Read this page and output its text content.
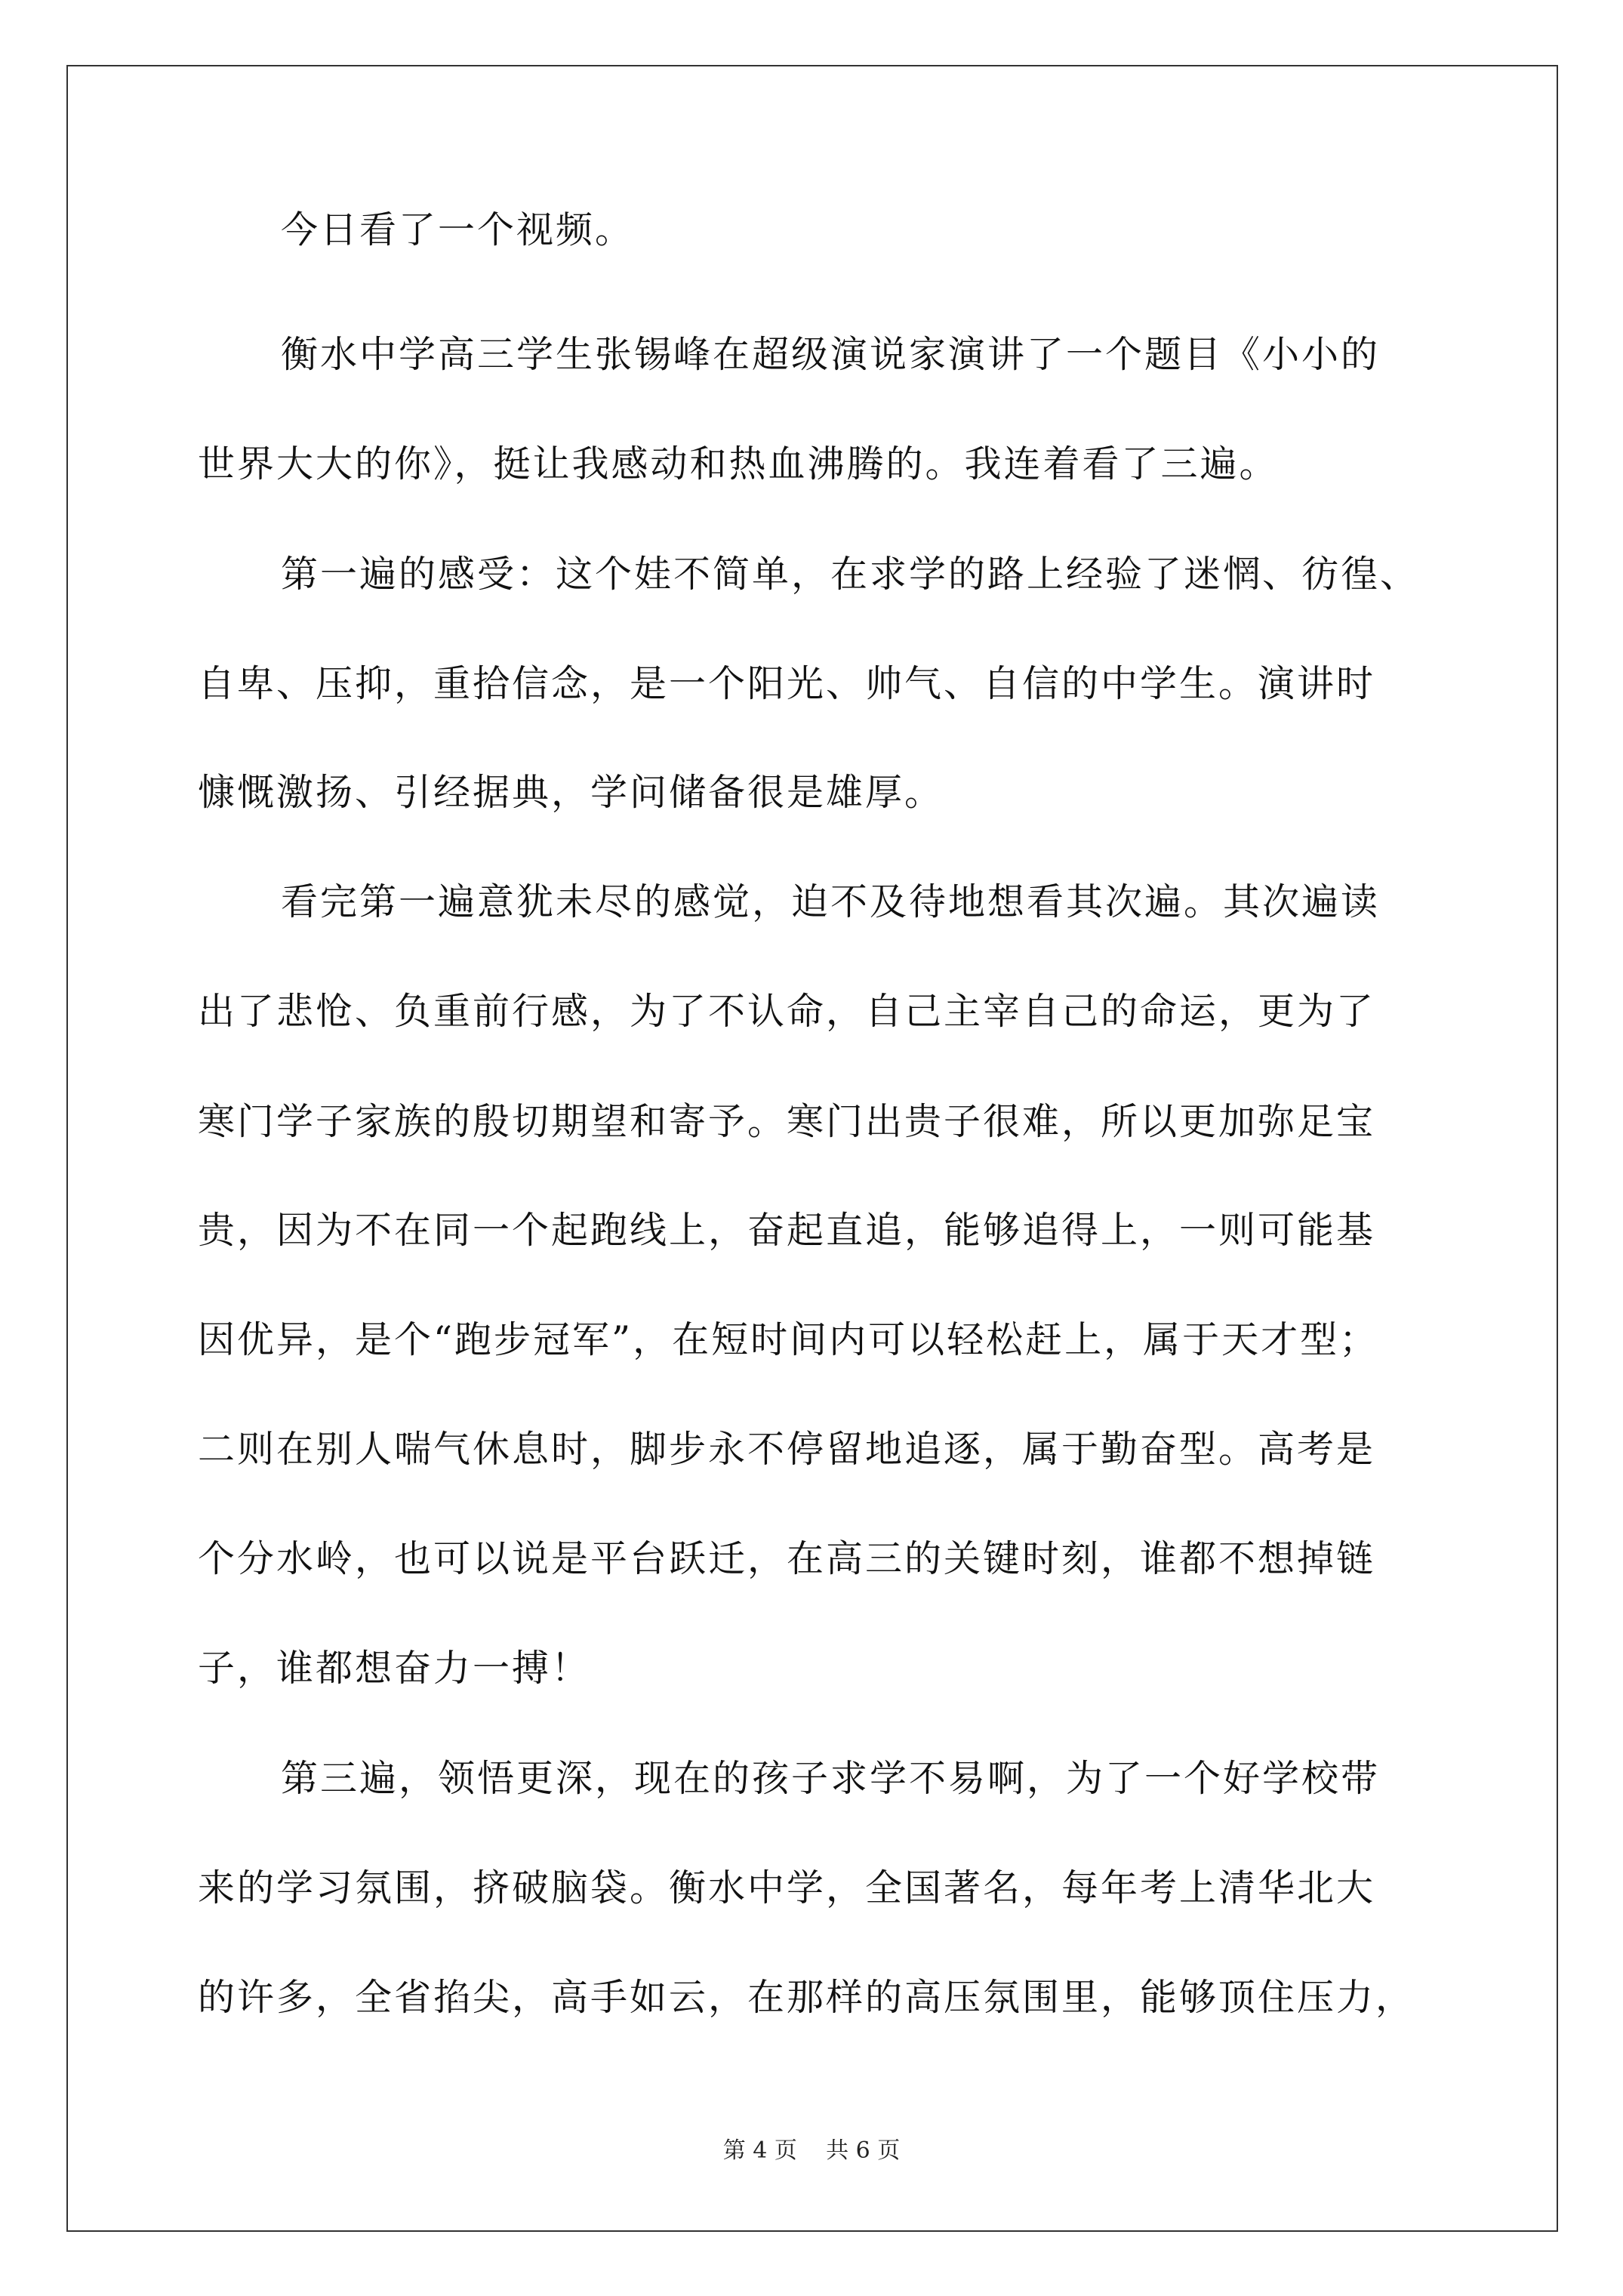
今日看了一个视频。

衡水中学高三学生张锡峰在超级演说家演讲了一个题目《小小的

世界大大的你》，挺让我感动和热血沸腾的。我连着看了三遍。

第一遍的感受：这个娃不简单，在求学的路上经验了迷惘、彷徨、

自卑、压抑，重拾信念，是一个阳光、帅气、自信的中学生。演讲时

慷慨激扬、引经据典，学问储备很是雄厚。

看完第一遍意犹未尽的感觉，迫不及待地想看其次遍。其次遍读

出了悲怆、负重前行感，为了不认命，自己主宰自己的命运，更为了

寒门学子家族的殷切期望和寄予。寒门出贵子很难，所以更加弥足宝

贵，因为不在同一个起跑线上，奋起直追，能够追得上，一则可能基

因优异，是个“跑步冠军”，在短时间内可以轻松赶上，属于天才型；

二则在别人喘气休息时，脚步永不停留地追逐，属于勤奋型。高考是

个分水岭，也可以说是平台跃迁，在高三的关键时刻，谁都不想掉链

子，谁都想奋力一搏！

第三遍，领悟更深，现在的孩子求学不易啊，为了一个好学校带

来的学习氛围，挤破脑袋。衡水中学，全国著名，每年考上清华北大

的许多，全省掐尖，高手如云，在那样的高压氛围里，能够顶住压力，

第 4 页    共 6 页
